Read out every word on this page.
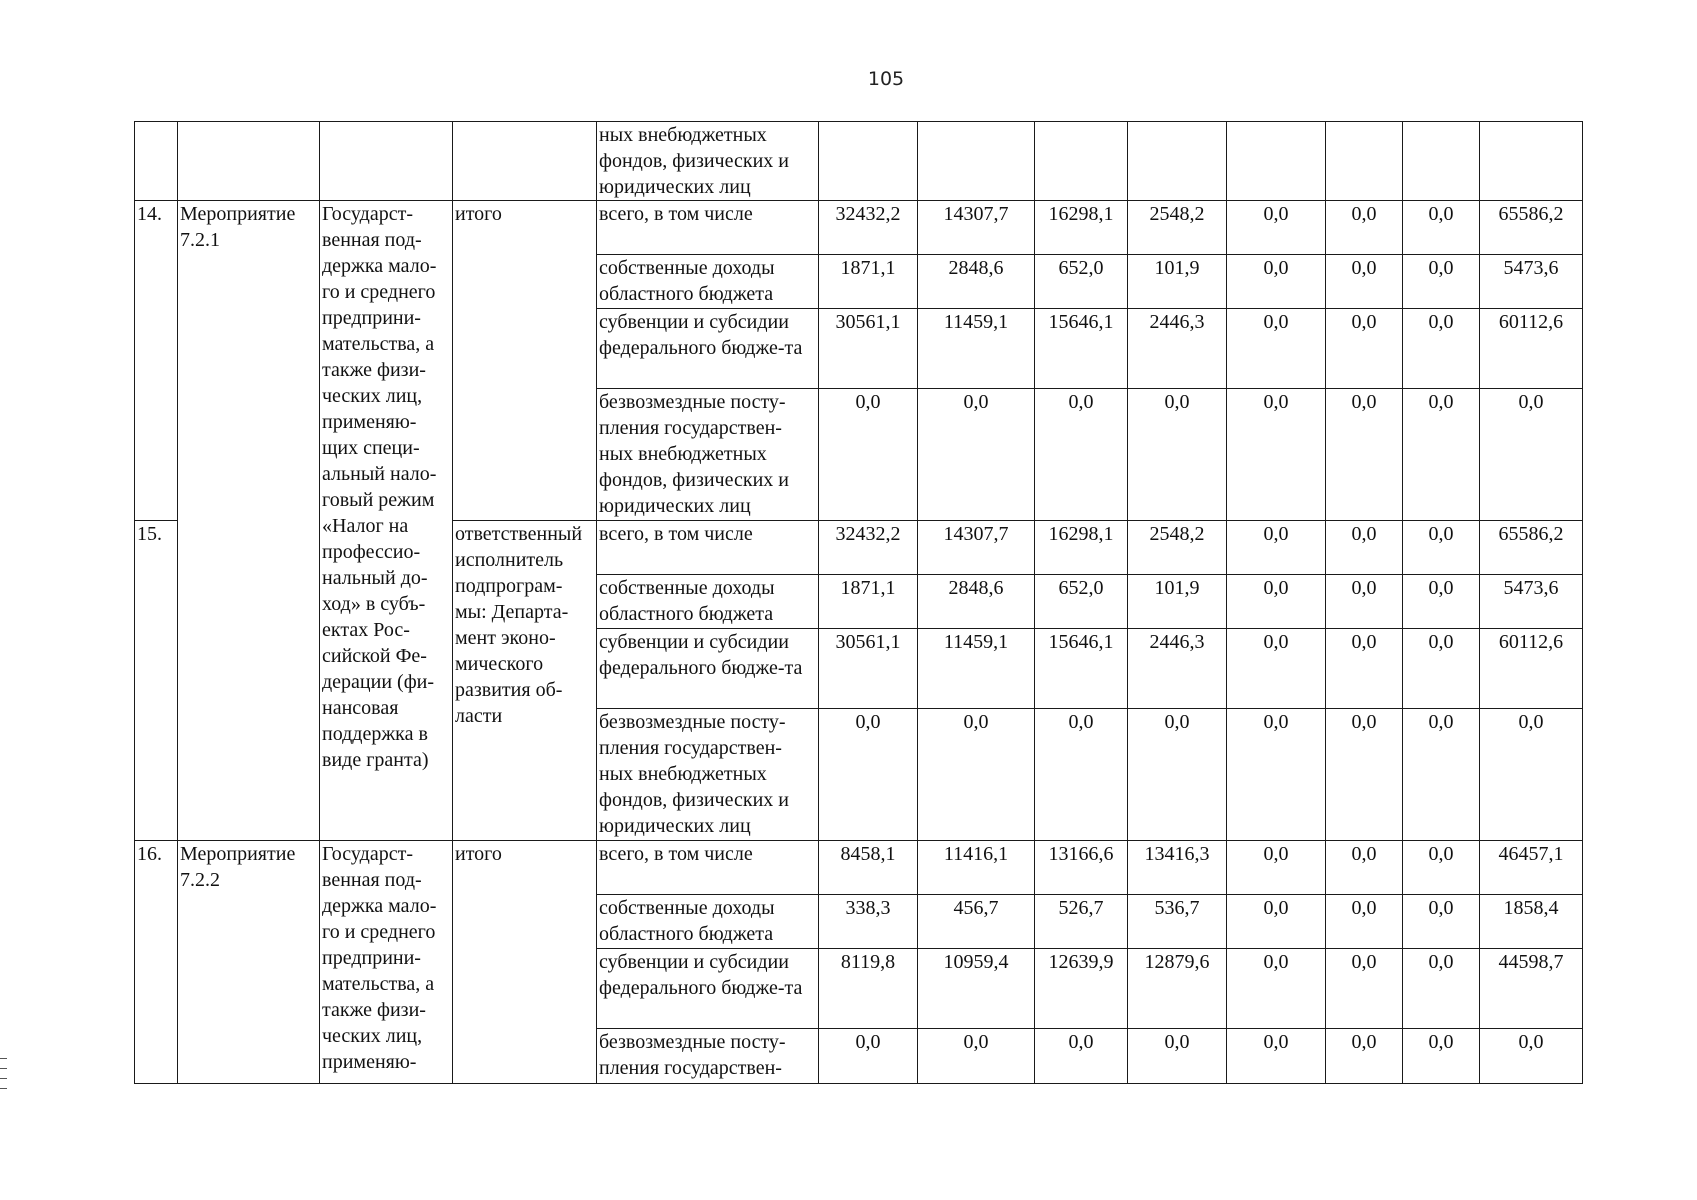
105
				ных внебюджетных фондов, физических и юридических лиц								
14.	Мероприятие 7.2.1	Государст-венная под-держка мало-го и среднего предприни-мательства, а также физи-ческих лиц, применяю-щих специ-альный нало-говый режим «Налог на профессио-нальный до-ход» в субъ-ектах Рос-сийской Фе-дерации (фи-нансовая поддержка в виде гранта)	итого	всего, в том числе	32432,2	14307,7	16298,1	2548,2	0,0	0,0	0,0	65586,2
				собственные доходы областного бюджета	1871,1	2848,6	652,0	101,9	0,0	0,0	0,0	5473,6
				субвенции и субсидии федерального бюдже-та	30561,1	11459,1	15646,1	2446,3	0,0	0,0	0,0	60112,6
				безвозмездные посту-пления государствен-ных внебюджетных фондов, физических и юридических лиц	0,0	0,0	0,0	0,0	0,0	0,0	0,0	0,0
15.			ответственный исполнитель подпрограм-мы: Департа-мент эконо-мического развития об-ласти	всего, в том числе	32432,2	14307,7	16298,1	2548,2	0,0	0,0	0,0	65586,2
				собственные доходы областного бюджета	1871,1	2848,6	652,0	101,9	0,0	0,0	0,0	5473,6
				субвенции и субсидии федерального бюдже-та	30561,1	11459,1	15646,1	2446,3	0,0	0,0	0,0	60112,6
				безвозмездные посту-пления государствен-ных внебюджетных фондов, физических и юридических лиц	0,0	0,0	0,0	0,0	0,0	0,0	0,0	0,0
16.	Мероприятие 7.2.2	Государст-венная под-держка мало-го и среднего предприни-мательства, а также физи-ческих лиц, применяю-	итого	всего, в том числе	8458,1	11416,1	13166,6	13416,3	0,0	0,0	0,0	46457,1
				собственные доходы областного бюджета	338,3	456,7	526,7	536,7	0,0	0,0	0,0	1858,4
				субвенции и субсидии федерального бюдже-та	8119,8	10959,4	12639,9	12879,6	0,0	0,0	0,0	44598,7
				безвозмездные посту-пления государствен-	0,0	0,0	0,0	0,0	0,0	0,0	0,0	0,0
